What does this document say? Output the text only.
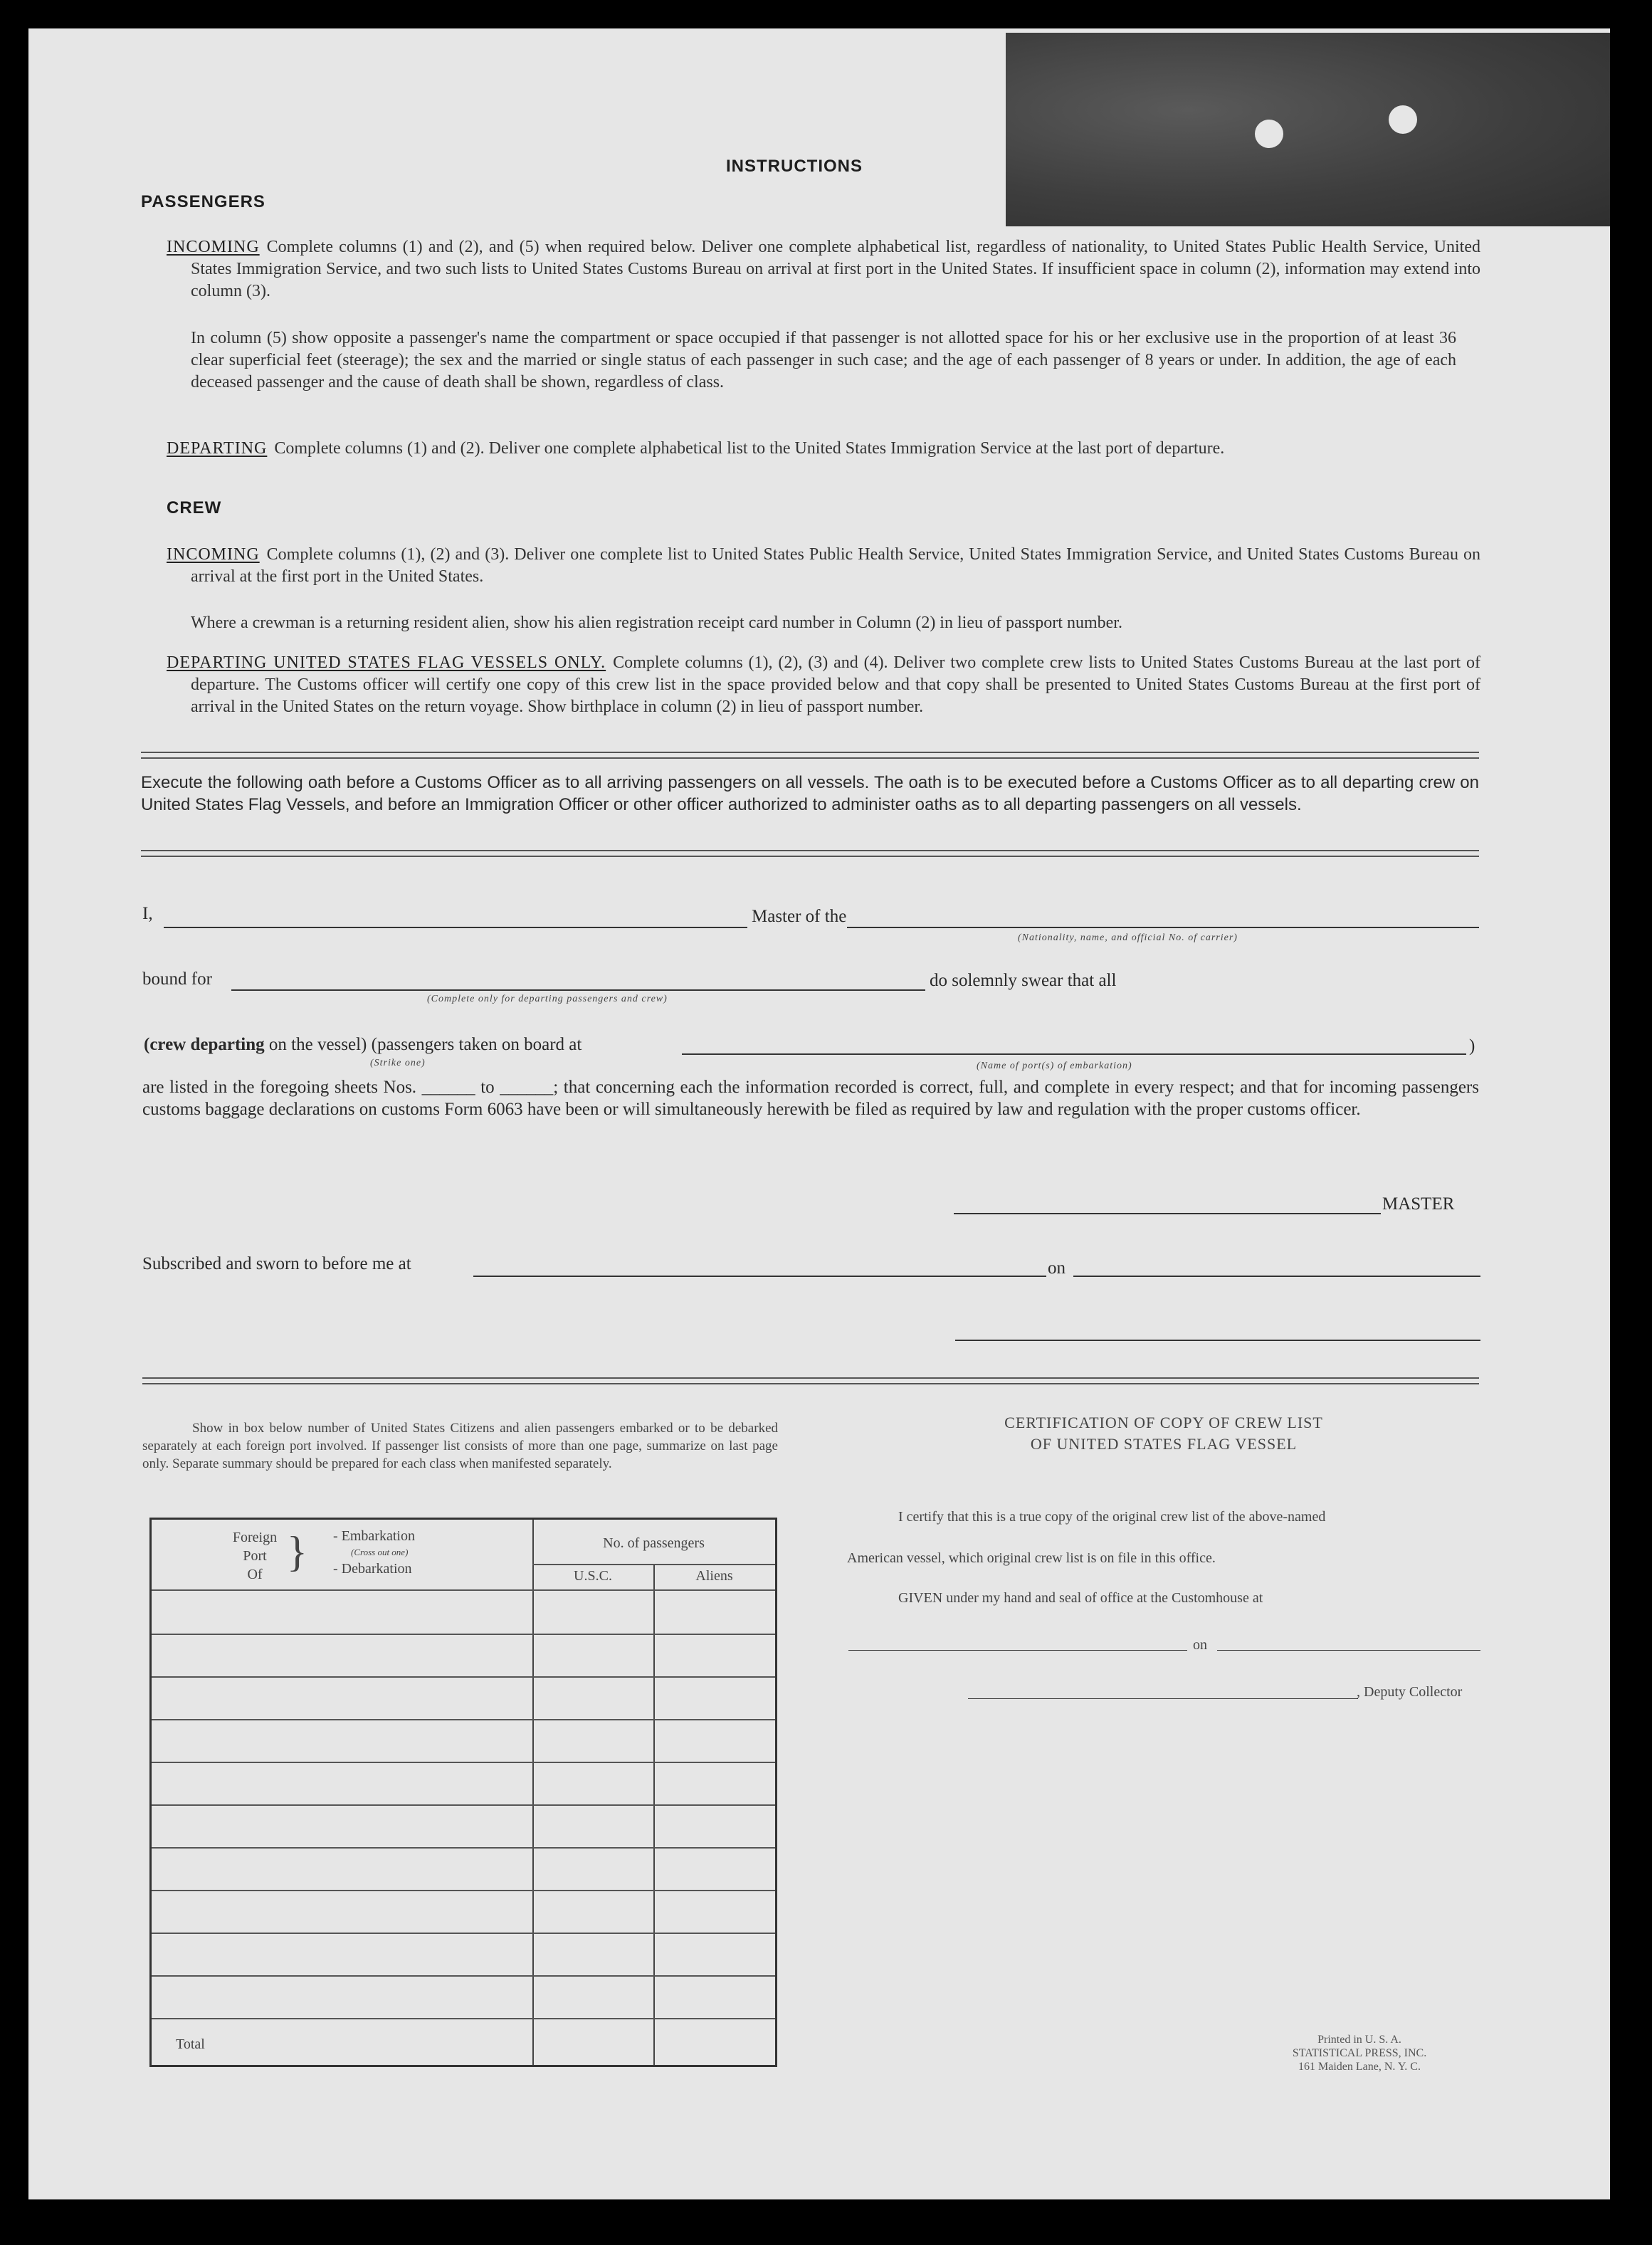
INSTRUCTIONS
PASSENGERS
INCOMING Complete columns (1) and (2), and (5) when required below. Deliver one complete alphabetical list, regardless of nationality, to United States Public Health Service, United States Immigration Service, and two such lists to United States Customs Bureau on arrival at first port in the United States. If insufficient space in column (2), information may extend into column (3).
In column (5) show opposite a passenger's name the compartment or space occupied if that passenger is not allotted space for his or her exclusive use in the proportion of at least 36 clear superficial feet (steerage); the sex and the married or single status of each passenger in such case; and the age of each passenger of 8 years or under. In addition, the age of each deceased passenger and the cause of death shall be shown, regardless of class.
DEPARTING Complete columns (1) and (2). Deliver one complete alphabetical list to the United States Immigration Service at the last port of departure.
CREW
INCOMING Complete columns (1), (2) and (3). Deliver one complete list to United States Public Health Service, United States Immigration Service, and United States Customs Bureau on arrival at the first port in the United States.
Where a crewman is a returning resident alien, show his alien registration receipt card number in Column (2) in lieu of passport number.
DEPARTING UNITED STATES FLAG VESSELS ONLY. Complete columns (1), (2), (3) and (4). Deliver two complete crew lists to United States Customs Bureau at the last port of departure. The Customs officer will certify one copy of this crew list in the space provided below and that copy shall be presented to United States Customs Bureau at the first port of arrival in the United States on the return voyage. Show birthplace in column (2) in lieu of passport number.
Execute the following oath before a Customs Officer as to all arriving passengers on all vessels. The oath is to be executed before a Customs Officer as to all departing crew on United States Flag Vessels, and before an Immigration Officer or other officer authorized to administer oaths as to all departing passengers on all vessels.
I,	Master of the
(Nationality, name, and official No. of carrier)
bound for
(Complete only for departing passengers and crew)
do solemnly swear that all
(crew departing on the vessel) (passengers taken on board at
(Strike one)
)
(Name of port(s) of embarkation)
are listed in the foregoing sheets Nos. ______ to ______; that concerning each the information recorded is correct, full, and complete in every respect; and that for incoming passengers customs baggage declarations on customs Form 6063 have been or will simultaneously herewith be filed as required by law and regulation with the proper customs officer.
MASTER
Subscribed and sworn to before me at	on
Show in box below number of United States Citizens and alien passengers embarked or to be debarked separately at each foreign port involved. If passenger list consists of more than one page, summarize on last page only. Separate summary should be prepared for each class when manifested separately.
Foreign
Port
Of } - Embarkation
(Cross out one)
- Debarkation
No. of passengers
U.S.C.	Aliens
Total
CERTIFICATION OF COPY OF CREW LIST
OF UNITED STATES FLAG VESSEL
I certify that this is a true copy of the original crew list of the above-named
American vessel, which original crew list is on file in this office.
GIVEN under my hand and seal of office at the Customhouse at
on
, Deputy Collector
Printed in U. S. A.
STATISTICAL PRESS, INC.
161 Maiden Lane, N. Y. C.
